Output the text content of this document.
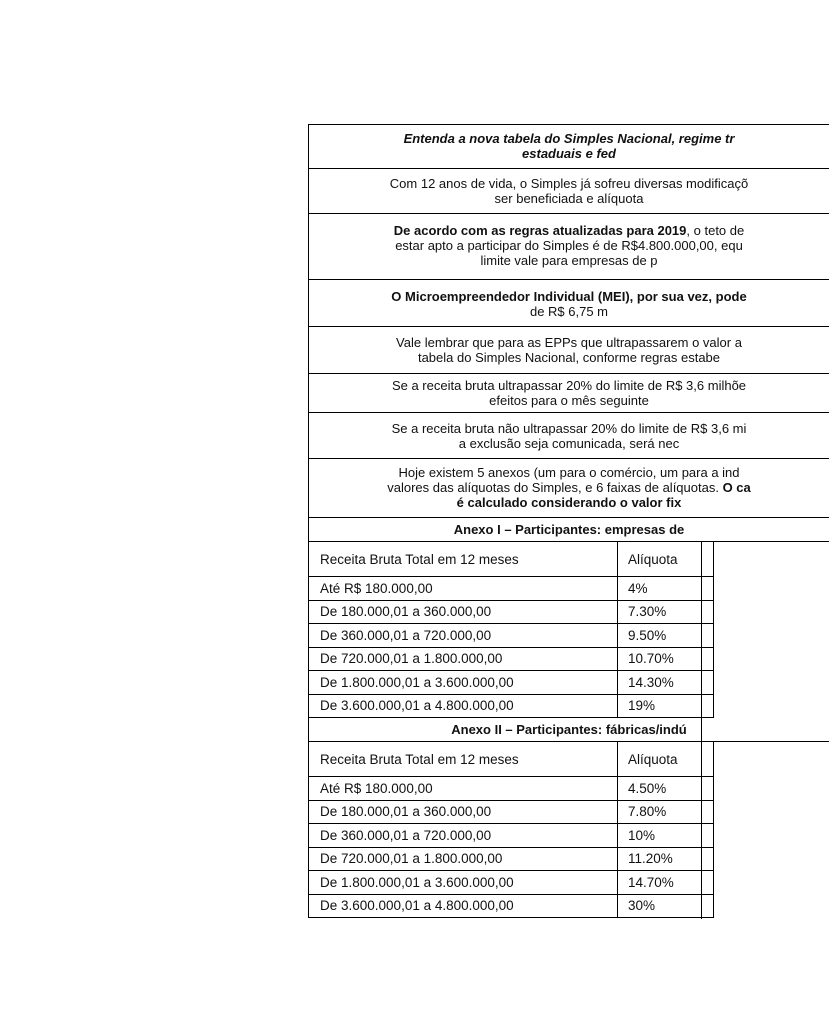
Entenda a nova tabela do Simples Nacional, regime tr
estaduais e fed
Com 12 anos de vida, o Simples já sofreu diversas modificaçõ
ser beneficiada e alíquota
De acordo com as regras atualizadas para 2019, o teto de
estar apto a participar do Simples é de R$4.800.000,00, equ
limite vale para empresas de p
O Microempreendedor Individual (MEI), por sua vez, pode
de R$ 6,75 m
Vale lembrar que para as EPPs que ultrapassarem o valor a
tabela do Simples Nacional, conforme regras estabe
Se a receita bruta ultrapassar 20% do limite de R$ 3,6 milhõe
efeitos para o mês seguinte
Se a receita bruta não ultrapassar 20% do limite de R$ 3,6 mi
a exclusão seja comunicada, será nec
Hoje existem 5 anexos (um para o comércio, um para a ind
valores das alíquotas do Simples, e 6 faixas de alíquotas. O ca
é calculado considerando o valor fix
Anexo I – Participantes: empresas de
Receita Bruta Total em 12 meses	Alíquota
Até R$ 180.000,00	4%
De 180.000,01 a 360.000,00	7.30%
De 360.000,01 a 720.000,00	9.50%
De 720.000,01 a 1.800.000,00	10.70%
De 1.800.000,01 a 3.600.000,00	14.30%
De 3.600.000,01 a 4.800.000,00	19%
Anexo II – Participantes: fábricas/indú
Receita Bruta Total em 12 meses	Alíquota
Até R$ 180.000,00	4.50%
De 180.000,01 a 360.000,00	7.80%
De 360.000,01 a 720.000,00	10%
De 720.000,01 a 1.800.000,00	11.20%
De 1.800.000,01 a 3.600.000,00	14.70%
De 3.600.000,01 a 4.800.000,00	30%
